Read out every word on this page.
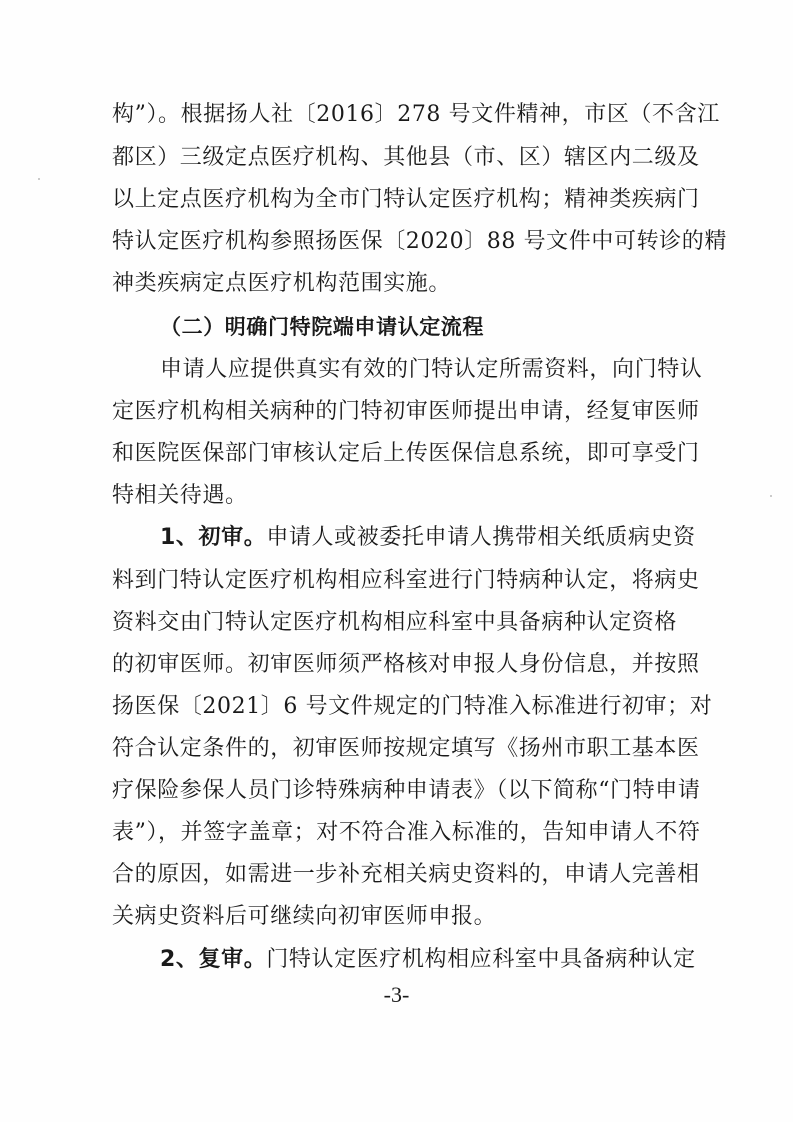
构”）。根据扬人社〔2016〕278 号文件精神，市区（不含江
都区）三级定点医疗机构、其他县（市、区）辖区内二级及
以上定点医疗机构为全市门特认定医疗机构；精神类疾病门
特认定医疗机构参照扬医保〔2020〕88 号文件中可转诊的精
神类疾病定点医疗机构范围实施。
（二）明确门特院端申请认定流程
申请人应提供真实有效的门特认定所需资料，向门特认
定医疗机构相关病种的门特初审医师提出申请，经复审医师
和医院医保部门审核认定后上传医保信息系统，即可享受门
特相关待遇。
1、初审。申请人或被委托申请人携带相关纸质病史资
料到门特认定医疗机构相应科室进行门特病种认定，将病史
资料交由门特认定医疗机构相应科室中具备病种认定资格
的初审医师。初审医师须严格核对申报人身份信息，并按照
扬医保〔2021〕6 号文件规定的门特准入标准进行初审；对
符合认定条件的，初审医师按规定填写《扬州市职工基本医
疗保险参保人员门诊特殊病种申请表》（以下简称“门特申请
表”），并签字盖章；对不符合准入标准的，告知申请人不符
合的原因，如需进一步补充相关病史资料的，申请人完善相
关病史资料后可继续向初审医师申报。
2、复审。门特认定医疗机构相应科室中具备病种认定
-3-
